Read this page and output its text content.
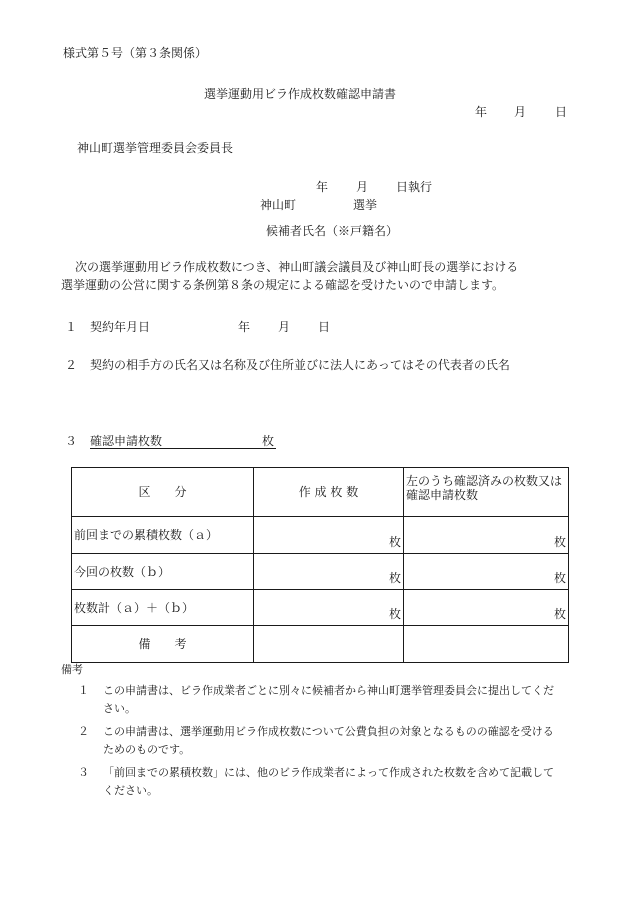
様式第５号（第３条関係）
選挙運動用ビラ作成枚数確認申請書
年 月 日
神山町選挙管理委員会委員長
年 月 日執行
神山町	選挙
候補者氏名（※戸籍名）
次の選挙運動用ビラ作成枚数につき、神山町議会議員及び神山町長の選挙における
選挙運動の公営に関する条例第８条の規定による確認を受けたいので申請します。
１ 契約年月日	年 月 日
２ 契約の相手方の氏名又は名称及び住所並びに法人にあってはその代表者の氏名
３ 確認申請枚数	枚
区　　分	作 成 枚 数	左のうち確認済みの枚数又は確認申請枚数
前回までの累積枚数（ａ）	枚	枚

今回の枚数（ｂ）	枚	枚

枚数計（ａ）＋（ｂ）	枚	枚

備　　考		
備考
１ この申請書は、ビラ作成業者ごとに別々に候補者から神山町選挙管理委員会に提出してくだ
さい。
２ この申請書は、選挙運動用ビラ作成枚数について公費負担の対象となるものの確認を受ける
ためのものです。
３ 「前回までの累積枚数」には、他のビラ作成業者によって作成された枚数を含めて記載して
ください。
